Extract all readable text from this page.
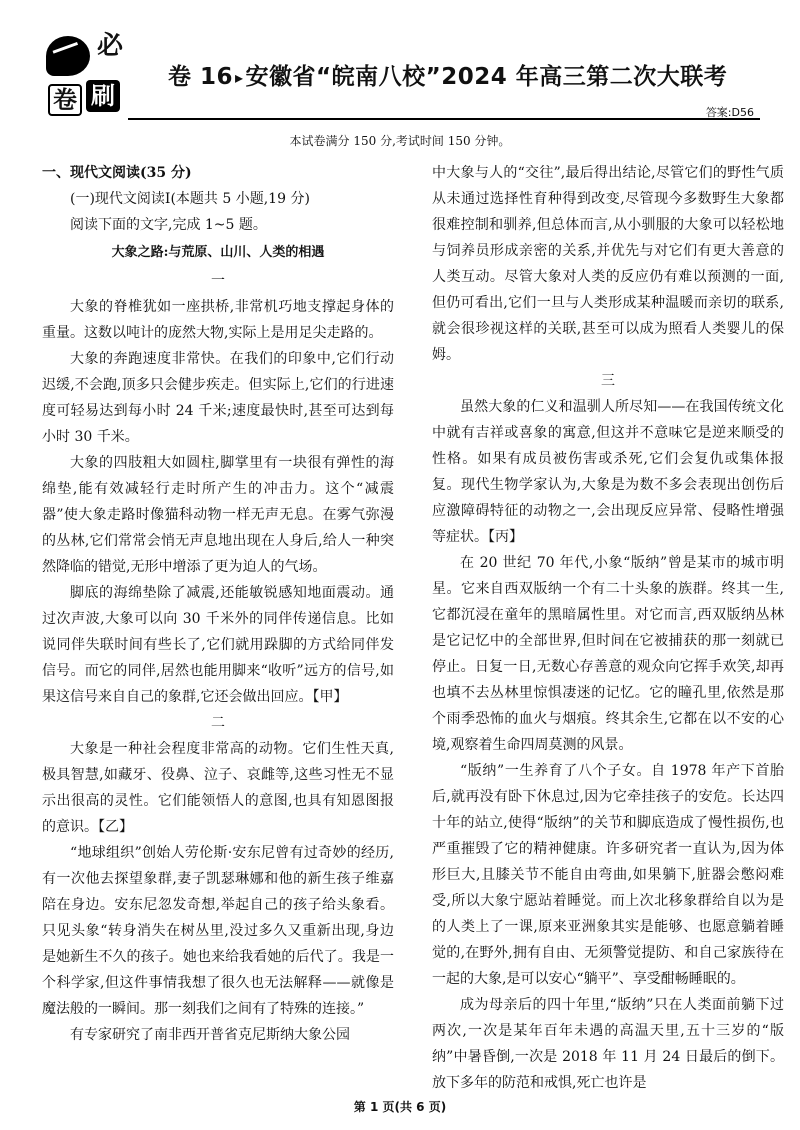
必
卷 刷
卷 16 ▸安徽省“皖南八校”2024 年高三第二次大联考
答案:D56
本试卷满分 150 分,考试时间 150 分钟。

一、现代文阅读(35 分)

(一)现代文阅读Ⅰ(本题共 5 小题,19 分)

阅读下面的文字,完成 1~5 题。

大象之路:与荒原、山川、人类的相遇
一

大象的脊椎犹如一座拱桥,非常机巧地支撑起身体的重量。这数以吨计的庞然大物,实际上是用足尖走路的。

大象的奔跑速度非常快。在我们的印象中,它们行动迟缓,不会跑,顶多只会健步疾走。但实际上,它们的行进速度可轻易达到每小时 24 千米;速度最快时,甚至可达到每小时 30 千米。

大象的四肢粗大如圆柱,脚掌里有一块很有弹性的海绵垫,能有效减轻行走时所产生的冲击力。这个“减震器”使大象走路时像猫科动物一样无声无息。在雾气弥漫的丛林,它们常常会悄无声息地出现在人身后,给人一种突然降临的错觉,无形中增添了更为迫人的气场。

脚底的海绵垫除了减震,还能敏锐感知地面震动。通过次声波,大象可以向 30 千米外的同伴传递信息。比如说同伴失联时间有些长了,它们就用跺脚的方式给同伴发信号。而它的同伴,居然也能用脚来“收听”远方的信号,如果这信号来自自己的象群,它还会做出回应。【甲】

二

大象是一种社会程度非常高的动物。它们生性天真,极具智慧,如藏牙、役鼻、泣子、哀雌等,这些习性无不显示出很高的灵性。它们能领悟人的意图,也具有知恩图报的意识。【乙】

“地球组织”创始人劳伦斯·安东尼曾有过奇妙的经历,有一次他去探望象群,妻子凯瑟琳娜和他的新生孩子维嘉陪在身边。安东尼忽发奇想,举起自己的孩子给头象看。只见头象“转身消失在树丛里,没过多久又重新出现,身边是她新生不久的孩子。她也来给我看她的后代了。我是一个科学家,但这件事情我想了很久也无法解释——就像是魔法般的一瞬间。那一刻我们之间有了特殊的连接。”

有专家研究了南非西开普省克尼斯纳大象公园

中大象与人的“交往”,最后得出结论,尽管它们的野性气质从未通过选择性育种得到改变,尽管现今多数野生大象都很难控制和驯养,但总体而言,从小驯服的大象可以轻松地与饲养员形成亲密的关系,并优先与对它们有更大善意的人类互动。尽管大象对人类的反应仍有难以预测的一面,但仍可看出,它们一旦与人类形成某种温暖而亲切的联系,就会很珍视这样的关联,甚至可以成为照看人类婴儿的保姆。

三

虽然大象的仁义和温驯人所尽知——在我国传统文化中就有吉祥或喜象的寓意,但这并不意味它是逆来顺受的性格。如果有成员被伤害或杀死,它们会复仇或集体报复。现代生物学家认为,大象是为数不多会表现出创伤后应激障碍特征的动物之一,会出现反应异常、侵略性增强等症状。【丙】

在 20 世纪 70 年代,小象“版纳”曾是某市的城市明星。它来自西双版纳一个有二十头象的族群。终其一生,它都沉浸在童年的黑暗属性里。对它而言,西双版纳丛林是它记忆中的全部世界,但时间在它被捕获的那一刻就已停止。日复一日,无数心存善意的观众向它挥手欢笑,却再也填不去丛林里惊惧凄迷的记忆。它的瞳孔里,依然是那个雨季恐怖的血火与烟痕。终其余生,它都在以不安的心境,观察着生命四周莫测的风景。

“版纳”一生养育了八个子女。自 1978 年产下首胎后,就再没有卧下休息过,因为它牵挂孩子的安危。长达四十年的站立,使得“版纳”的关节和脚底造成了慢性损伤,也严重摧毁了它的精神健康。许多研究者一直认为,因为体形巨大,且膝关节不能自由弯曲,如果躺下,脏器会憋闷难受,所以大象宁愿站着睡觉。而上次北移象群给自以为是的人类上了一课,原来亚洲象其实是能够、也愿意躺着睡觉的,在野外,拥有自由、无须警觉提防、和自己家族待在一起的大象,是可以安心“躺平”、享受酣畅睡眠的。

成为母亲后的四十年里,“版纳”只在人类面前躺下过两次,一次是某年百年未遇的高温天里,五十三岁的“版纳”中暑昏倒,一次是 2018 年 11 月 24 日最后的倒下。放下多年的防范和戒惧,死亡也许是

第 1 页(共 6 页)
